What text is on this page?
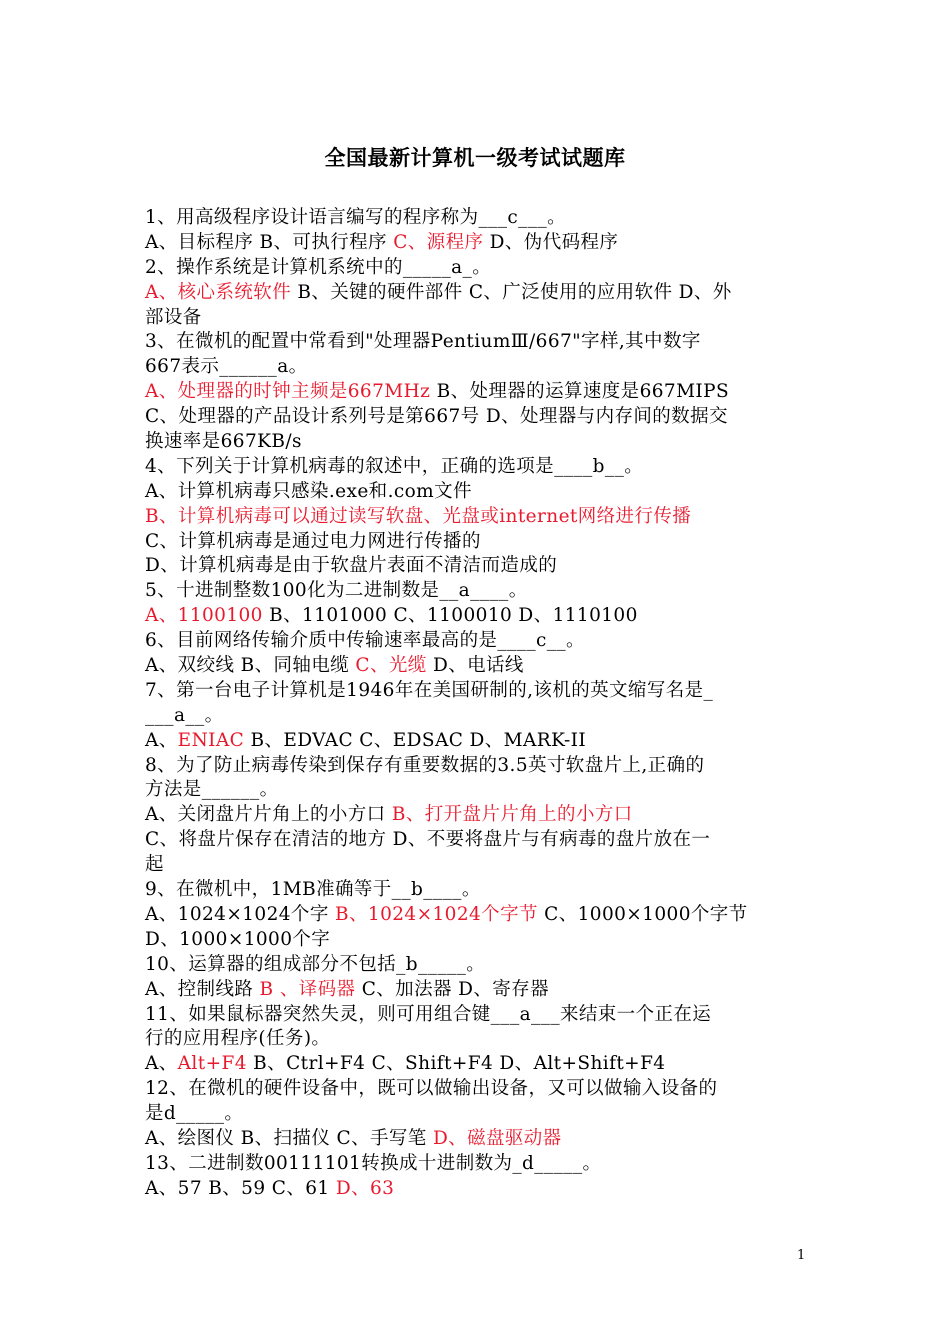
全国最新计算机一级考试试题库
1、用高级程序设计语言编写的程序称为___c___。
A、目标程序 B、可执行程序 C、源程序 D、伪代码程序
2、操作系统是计算机系统中的_____a_。
A、核心系统软件 B、关键的硬件部件 C、广泛使用的应用软件 D、外
部设备
3、在微机的配置中常看到"处理器PentiumⅢ/667"字样,其中数字
667表示______a。
A、处理器的时钟主频是667MHz B、处理器的运算速度是667MIPS
C、处理器的产品设计系列号是第667号 D、处理器与内存间的数据交
换速率是667KB/s
4、下列关于计算机病毒的叙述中，正确的选项是____b__。
A、计算机病毒只感染.exe和.com文件
B、计算机病毒可以通过读写软盘、光盘或internet网络进行传播
C、计算机病毒是通过电力网进行传播的
D、计算机病毒是由于软盘片表面不清洁而造成的
5、十进制整数100化为二进制数是__a____。
A、1100100 B、1101000 C、1100010 D、1110100
6、目前网络传输介质中传输速率最高的是____c__。
A、双绞线 B、同轴电缆 C、光缆 D、电话线
7、第一台电子计算机是1946年在美国研制的,该机的英文缩写名是_
___a__。
A、ENIAC B、EDVAC C、EDSAC D、MARK-II
8、为了防止病毒传染到保存有重要数据的3.5英寸软盘片上,正确的
方法是______。
A、关闭盘片片角上的小方口 B、打开盘片片角上的小方口
C、将盘片保存在清洁的地方 D、不要将盘片与有病毒的盘片放在一
起
9、在微机中，1MB准确等于__b____。
A、1024×1024个字 B、1024×1024个字节 C、1000×1000个字节
D、1000×1000个字
10、运算器的组成部分不包括_b_____。
A、控制线路 B 、译码器 C、加法器 D、寄存器
11、如果鼠标器突然失灵，则可用组合键___a___来结束一个正在运
行的应用程序(任务)。
A、Alt+F4 B、Ctrl+F4 C、Shift+F4 D、Alt+Shift+F4
12、在微机的硬件设备中，既可以做输出设备，又可以做输入设备的
是d_____。
A、绘图仪 B、扫描仪 C、手写笔 D、磁盘驱动器
13、二进制数00111101转换成十进制数为_d_____。
A、57 B、59 C、61 D、63
1
